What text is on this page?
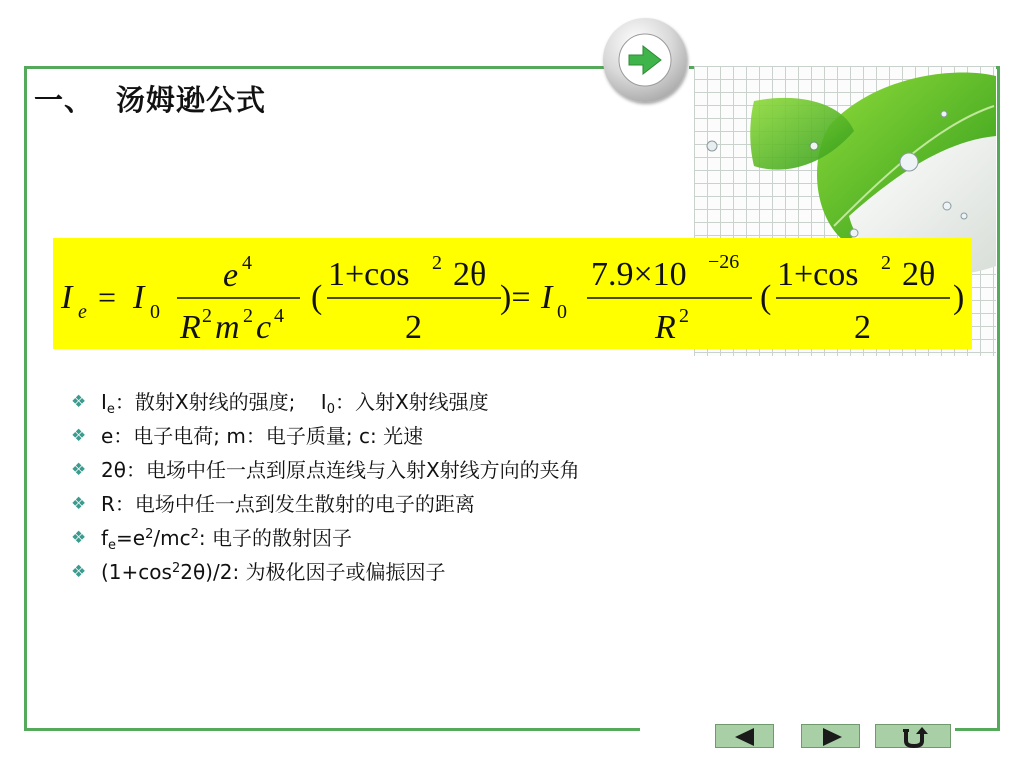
一、 汤姆逊公式
I e = I 0
e 4
R 2 m 2 c 4 (
1+cos 2 2θ
2
)= I 0
7.9×10 −26
R 2 (
1+cos 2 2θ
2
)
❖ $I_e$：散射X射线的强度;    $I_0$：入射X射线强度
❖ e：电子电荷; m：电子质量; c: 光速
❖ 2θ：电场中任一点到原点连线与入射X射线方向的夹角
❖ R：电场中任一点到发生散射的电子的距离
❖ $f_e=e^2/mc^2$: 电子的散射因子
❖ $(1+\cos^22\theta)/2$: 为极化因子或偏振因子
